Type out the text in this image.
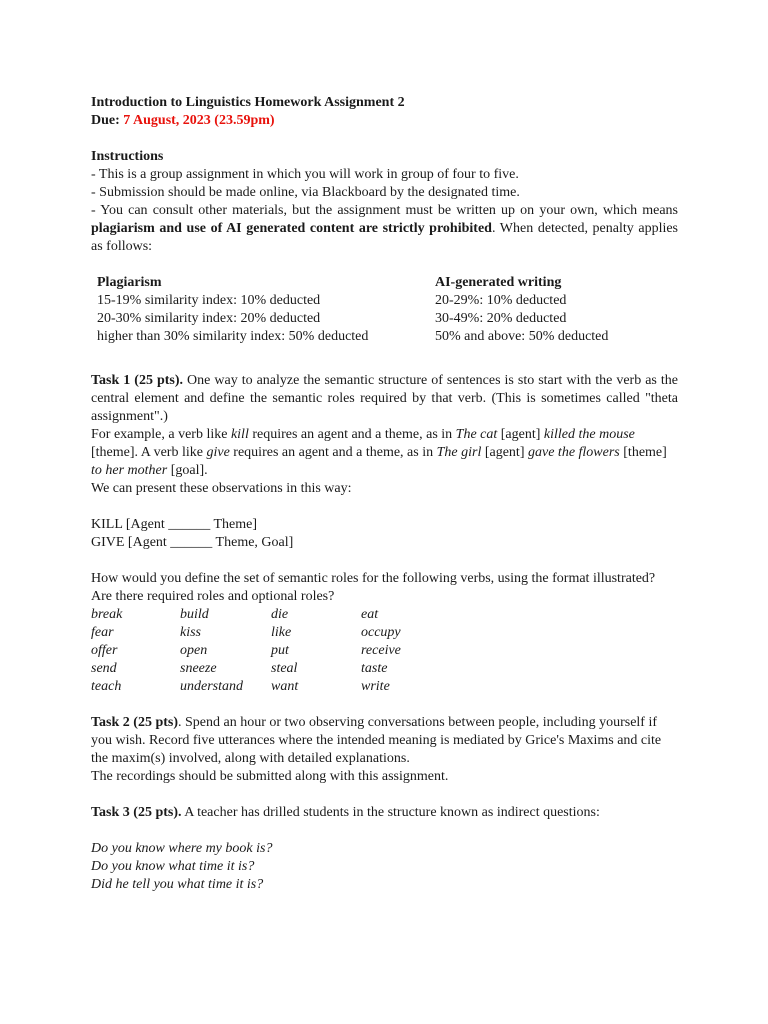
Introduction to Linguistics Homework Assignment 2

Due: 7 August, 2023 (23.59pm)

Instructions

- This is a group assignment in which you will work in group of four to five.

- Submission should be made online, via Blackboard by the designated time.

- You can consult other materials, but the assignment must be written up on your own, which means plagiarism and use of AI generated content are strictly prohibited. When detected, penalty applies as follows:

Plagiarism	AI-generated writing
15-19% similarity index: 10% deducted	20-29%: 10% deducted
20-30% similarity index: 20% deducted	30-49%: 20% deducted
higher than 30% similarity index: 50% deducted	50% and above: 50% deducted

Task 1 (25 pts). One way to analyze the semantic structure of sentences is sto start with the verb as the central element and define the semantic roles required by that verb. (This is sometimes called "theta assignment".)

For example, a verb like kill requires an agent and a theme, as in The cat [agent] killed the mouse [theme]. A verb like give requires an agent and a theme, as in The girl [agent] gave the flowers [theme] to her mother [goal].

We can present these observations in this way:

KILL [Agent ______ Theme]

GIVE [Agent ______ Theme, Goal]

How would you define the set of semantic roles for the following verbs, using the format illustrated? Are there required roles and optional roles?

break	build	die	eat
fear	kiss	like	occupy
offer	open	put	receive
send	sneeze	steal	taste
teach	understand	want	write

Task 2 (25 pts). Spend an hour or two observing conversations between people, including yourself if you wish. Record five utterances where the intended meaning is mediated by Grice's Maxims and cite the maxim(s) involved, along with detailed explanations.

The recordings should be submitted along with this assignment.

Task 3 (25 pts). A teacher has drilled students in the structure known as indirect questions:

Do you know where my book is?

Do you know what time it is?

Did he tell you what time it is?
